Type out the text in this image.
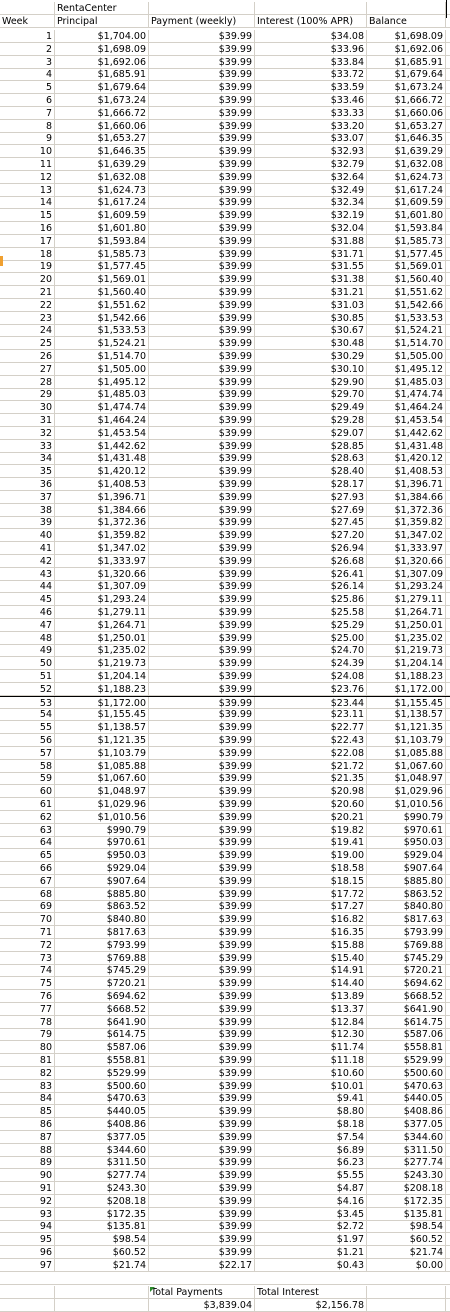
RentaCenter
Week	Principal	Payment (weekly)	Interest (100% APR)	Balance
1	$1,704.00	$39.99	$34.08	$1,698.09
2	$1,698.09	$39.99	$33.96	$1,692.06
3	$1,692.06	$39.99	$33.84	$1,685.91
4	$1,685.91	$39.99	$33.72	$1,679.64
5	$1,679.64	$39.99	$33.59	$1,673.24
6	$1,673.24	$39.99	$33.46	$1,666.72
7	$1,666.72	$39.99	$33.33	$1,660.06
8	$1,660.06	$39.99	$33.20	$1,653.27
9	$1,653.27	$39.99	$33.07	$1,646.35
10	$1,646.35	$39.99	$32.93	$1,639.29
11	$1,639.29	$39.99	$32.79	$1,632.08
12	$1,632.08	$39.99	$32.64	$1,624.73
13	$1,624.73	$39.99	$32.49	$1,617.24
14	$1,617.24	$39.99	$32.34	$1,609.59
15	$1,609.59	$39.99	$32.19	$1,601.80
16	$1,601.80	$39.99	$32.04	$1,593.84
17	$1,593.84	$39.99	$31.88	$1,585.73
18	$1,585.73	$39.99	$31.71	$1,577.45
19	$1,577.45	$39.99	$31.55	$1,569.01
20	$1,569.01	$39.99	$31.38	$1,560.40
21	$1,560.40	$39.99	$31.21	$1,551.62
22	$1,551.62	$39.99	$31.03	$1,542.66
23	$1,542.66	$39.99	$30.85	$1,533.53
24	$1,533.53	$39.99	$30.67	$1,524.21
25	$1,524.21	$39.99	$30.48	$1,514.70
26	$1,514.70	$39.99	$30.29	$1,505.00
27	$1,505.00	$39.99	$30.10	$1,495.12
28	$1,495.12	$39.99	$29.90	$1,485.03
29	$1,485.03	$39.99	$29.70	$1,474.74
30	$1,474.74	$39.99	$29.49	$1,464.24
31	$1,464.24	$39.99	$29.28	$1,453.54
32	$1,453.54	$39.99	$29.07	$1,442.62
33	$1,442.62	$39.99	$28.85	$1,431.48
34	$1,431.48	$39.99	$28.63	$1,420.12
35	$1,420.12	$39.99	$28.40	$1,408.53
36	$1,408.53	$39.99	$28.17	$1,396.71
37	$1,396.71	$39.99	$27.93	$1,384.66
38	$1,384.66	$39.99	$27.69	$1,372.36
39	$1,372.36	$39.99	$27.45	$1,359.82
40	$1,359.82	$39.99	$27.20	$1,347.02
41	$1,347.02	$39.99	$26.94	$1,333.97
42	$1,333.97	$39.99	$26.68	$1,320.66
43	$1,320.66	$39.99	$26.41	$1,307.09
44	$1,307.09	$39.99	$26.14	$1,293.24
45	$1,293.24	$39.99	$25.86	$1,279.11
46	$1,279.11	$39.99	$25.58	$1,264.71
47	$1,264.71	$39.99	$25.29	$1,250.01
48	$1,250.01	$39.99	$25.00	$1,235.02
49	$1,235.02	$39.99	$24.70	$1,219.73
50	$1,219.73	$39.99	$24.39	$1,204.14
51	$1,204.14	$39.99	$24.08	$1,188.23
52	$1,188.23	$39.99	$23.76	$1,172.00
53	$1,172.00	$39.99	$23.44	$1,155.45
54	$1,155.45	$39.99	$23.11	$1,138.57
55	$1,138.57	$39.99	$22.77	$1,121.35
56	$1,121.35	$39.99	$22.43	$1,103.79
57	$1,103.79	$39.99	$22.08	$1,085.88
58	$1,085.88	$39.99	$21.72	$1,067.60
59	$1,067.60	$39.99	$21.35	$1,048.97
60	$1,048.97	$39.99	$20.98	$1,029.96
61	$1,029.96	$39.99	$20.60	$1,010.56
62	$1,010.56	$39.99	$20.21	$990.79
63	$990.79	$39.99	$19.82	$970.61
64	$970.61	$39.99	$19.41	$950.03
65	$950.03	$39.99	$19.00	$929.04
66	$929.04	$39.99	$18.58	$907.64
67	$907.64	$39.99	$18.15	$885.80
68	$885.80	$39.99	$17.72	$863.52
69	$863.52	$39.99	$17.27	$840.80
70	$840.80	$39.99	$16.82	$817.63
71	$817.63	$39.99	$16.35	$793.99
72	$793.99	$39.99	$15.88	$769.88
73	$769.88	$39.99	$15.40	$745.29
74	$745.29	$39.99	$14.91	$720.21
75	$720.21	$39.99	$14.40	$694.62
76	$694.62	$39.99	$13.89	$668.52
77	$668.52	$39.99	$13.37	$641.90
78	$641.90	$39.99	$12.84	$614.75
79	$614.75	$39.99	$12.30	$587.06
80	$587.06	$39.99	$11.74	$558.81
81	$558.81	$39.99	$11.18	$529.99
82	$529.99	$39.99	$10.60	$500.60
83	$500.60	$39.99	$10.01	$470.63
84	$470.63	$39.99	$9.41	$440.05
85	$440.05	$39.99	$8.80	$408.86
86	$408.86	$39.99	$8.18	$377.05
87	$377.05	$39.99	$7.54	$344.60
88	$344.60	$39.99	$6.89	$311.50
89	$311.50	$39.99	$6.23	$277.74
90	$277.74	$39.99	$5.55	$243.30
91	$243.30	$39.99	$4.87	$208.18
92	$208.18	$39.99	$4.16	$172.35
93	$172.35	$39.99	$3.45	$135.81
94	$135.81	$39.99	$2.72	$98.54
95	$98.54	$39.99	$1.97	$60.52
96	$60.52	$39.99	$1.21	$21.74
97	$21.74	$22.17	$0.43	$0.00
Total Payments	Total Interest
$3,839.04	$2,156.78
